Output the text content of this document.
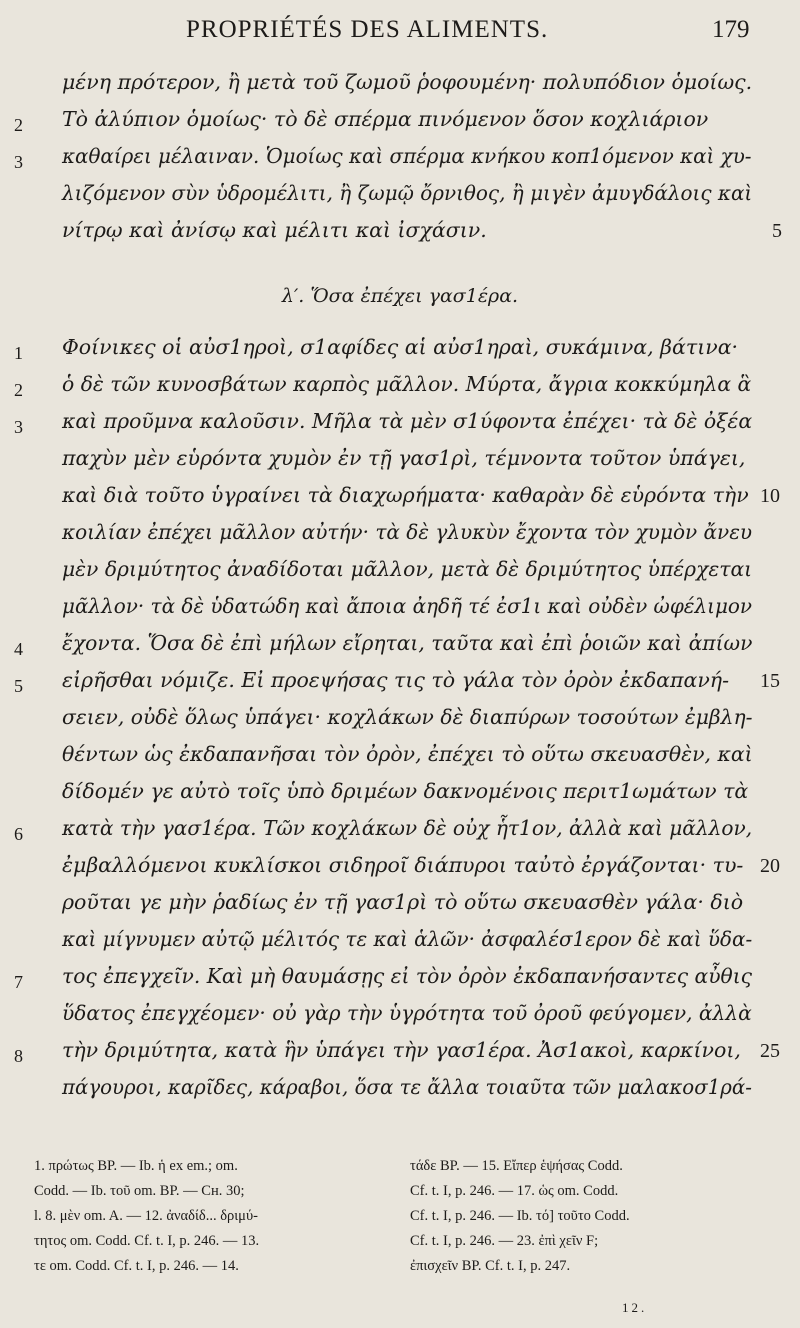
PROPRIÉTÉS DES ALIMENTS.	179
μένη πρότερον, ἢ μετὰ τοῦ ζωμοῦ ῥοφουμένη· πολυπόδιον ὁμοίως.
2 Τὸ ἀλύπιον ὁμοίως· τὸ δὲ σπέρμα πινόμενον ὅσον κοχλιάριον
3 καθαίρει μέλαιναν. Ὁμοίως καὶ σπέρμα κνήκου κοπ1όμενον καὶ χυ-
λιζόμενον σὺν ὑδρομέλιτι, ἢ ζωμῷ ὄρνιθος, ἢ μιγὲν ἀμυγδάλοις καὶ
νίτρῳ καὶ ἀνίσῳ καὶ μέλιτι καὶ ἰσχάσιν.	5
λ′. Ὅσα ἐπέχει γασ1έρα.
1 Φοίνικες οἱ αὐσ1ηροὶ, σ1αφίδες αἱ αὐσ1ηραὶ, συκάμινα, βάτινα·
2 ὁ δὲ τῶν κυνοσβάτων καρπὸς μᾶλλον. Μύρτα, ἄγρια κοκκύμηλα ἃ
3 καὶ προῦμνα καλοῦσιν. Μῆλα τὰ μὲν σ1ύφοντα ἐπέχει· τὰ δὲ ὀξέα
παχὺν μὲν εὑρόντα χυμὸν ἐν τῇ γασ1ρὶ, τέμνοντα τοῦτον ὑπάγει,
καὶ διὰ τοῦτο ὑγραίνει τὰ διαχωρήματα· καθαρὰν δὲ εὑρόντα τὴν 10
κοιλίαν ἐπέχει μᾶλλον αὐτήν· τὰ δὲ γλυκὺν ἔχοντα τὸν χυμὸν ἄνευ
μὲν δριμύτητος ἀναδίδοται μᾶλλον, μετὰ δὲ δριμύτητος ὑπέρχεται
μᾶλλον· τὰ δὲ ὑδατώδη καὶ ἄποια ἀηδῆ τέ ἐσ1ι καὶ οὐδὲν ὠφέλιμον
4 ἔχοντα. Ὅσα δὲ ἐπὶ μήλων εἴρηται, ταῦτα καὶ ἐπὶ ῥοιῶν καὶ ἀπίων
5 εἰρῆσθαι νόμιζε. Εἰ προεψήσας τις τὸ γάλα τὸν ὀρὸν ἐκδαπανή- 15
σειεν, οὐδὲ ὅλως ὑπάγει· κοχλάκων δὲ διαπύρων τοσούτων ἐμβλη-
θέντων ὡς ἐκδαπανῆσαι τὸν ὀρὸν, ἐπέχει τὸ οὕτω σκευασθὲν, καὶ
δίδομέν γε αὐτὸ τοῖς ὑπὸ δριμέων δακνομένοις περιτ1ωμάτων τὰ
6 κατὰ τὴν γασ1έρα. Τῶν κοχλάκων δὲ οὐχ ἧτ1ον, ἀλλὰ καὶ μᾶλλον,
ἐμβαλλόμενοι κυκλίσκοι σιδηροῖ διάπυροι ταὐτὸ ἐργάζονται· τυ- 20
ροῦται γε μὴν ῥαδίως ἐν τῇ γασ1ρὶ τὸ οὕτω σκευασθὲν γάλα· διὸ
καὶ μίγνυμεν αὐτῷ μέλιτός τε καὶ ἁλῶν· ἀσφαλέσ1ερον δὲ καὶ ὕδα-
7 τος ἐπεγχεῖν. Καὶ μὴ θαυμάσῃς εἰ τὸν ὀρὸν ἐκδαπανήσαντες αὖθις
ὕδατος ἐπεγχέομεν· οὐ γὰρ τὴν ὑγρότητα τοῦ ὀροῦ φεύγομεν, ἀλλὰ
8 τὴν δριμύτητα, κατὰ ἣν ὑπάγει τὴν γασ1έρα. Ἀσ1ακοὶ, καρκίνοι, 25
πάγουροι, καρῖδες, κάραβοι, ὅσα τε ἄλλα τοιαῦτα τῶν μαλακοσ1ρά-
1. πρώτως BP. — Ib. ἡ ex em.; om.
Codd. — Ib. τοῦ om. BP. — Cн. 30;
l. 8. μὲν om. A. — 12. ἀναδίδ... δριμύ-
τητος om. Codd. Cf. t. I, p. 246. — 13.
τε om. Codd. Cf. t. I, p. 246. — 14.
τάδε BP. — 15. Εἴπερ ἑψήσας Codd.
Cf. t. I, p. 246. — 17. ὡς om. Codd.
Cf. t. I, p. 246. — Ib. τό] τοῦτο Codd.
Cf. t. I, p. 246. — 23. ἐπὶ χεῖν F;
ἐπισχεῖν BP. Cf. t. I, p. 247.
12.
